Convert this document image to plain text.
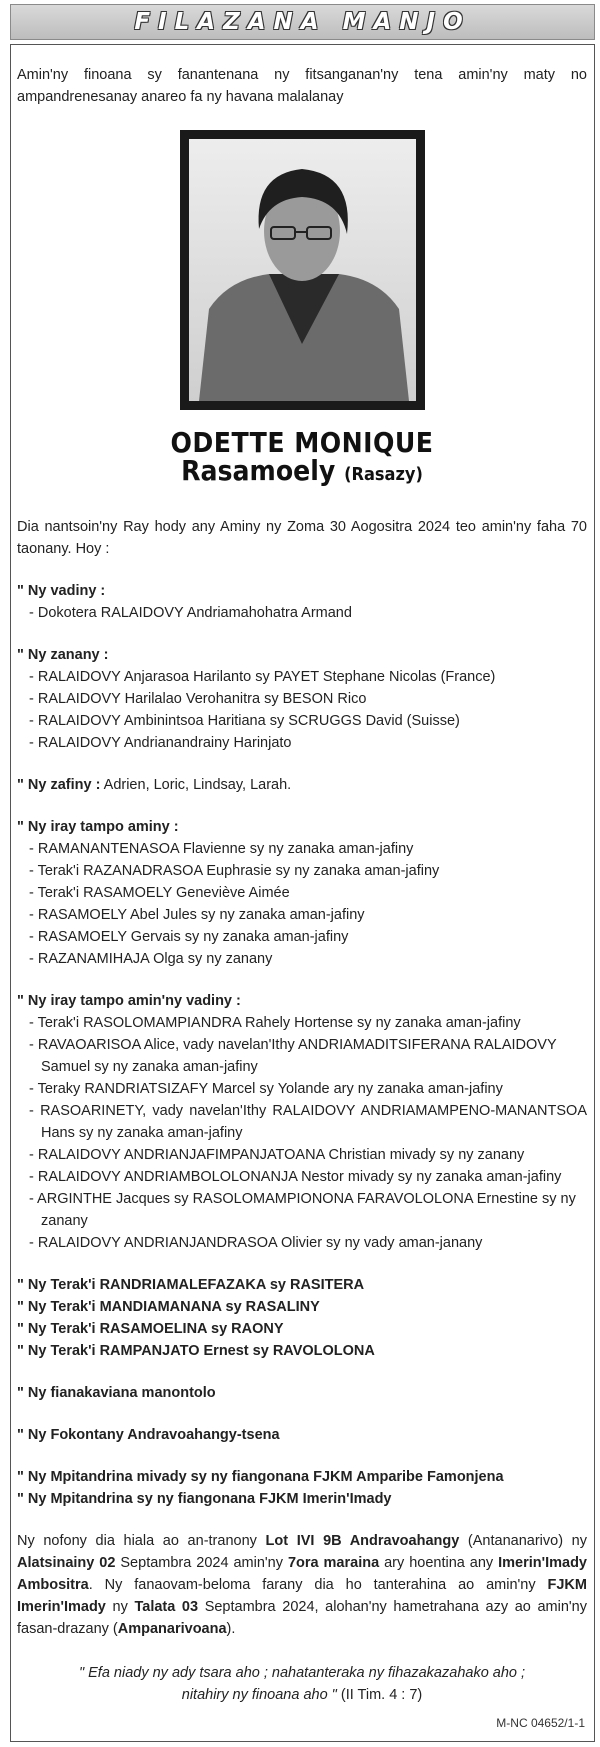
FILAZANA MANJO

Amin'ny finoana sy fanantenana ny fitsanganan'ny tena amin'ny maty no ampandrenesanay anareo fa ny havana malalanay

ODETTE MONIQUE
Rasamoely (Rasazy)

Dia nantsoin'ny Ray hody any Aminy ny Zoma 30 Aogositra 2024 teo amin'ny faha 70 taonany. Hoy :

" Ny vadiny :
- Dokotera RALAIDOVY Andriamahohatra Armand
" Ny zanany :
- RALAIDOVY Anjarasoa Harilanto sy PAYET Stephane Nicolas (France)
- RALAIDOVY Harilalao Verohanitra sy BESON Rico
- RALAIDOVY Ambinintsoa Haritiana sy SCRUGGS David (Suisse)
- RALAIDOVY Andrianandrainy Harinjato
" Ny zafiny : Adrien, Loric, Lindsay, Larah.
" Ny iray tampo aminy :
- RAMANANTENASOA Flavienne sy ny zanaka aman-jafiny
- Terak'i RAZANADRASOA Euphrasie sy ny zanaka aman-jafiny
- Terak'i RASAMOELY Geneviève Aimée
- RASAMOELY Abel Jules sy ny zanaka aman-jafiny
- RASAMOELY Gervais sy ny zanaka aman-jafiny
- RAZANAMIHAJA Olga sy ny zanany
" Ny iray tampo amin'ny vadiny :
- Terak'i RASOLOMAMPIANDRA Rahely Hortense sy ny zanaka aman-jafiny
- RAVAOARISOA Alice, vady navelan'Ithy ANDRIAMADITSIFERANA RALAIDOVY Samuel sy ny zanaka aman-jafiny
- Teraky RANDRIATSIZAFY Marcel sy Yolande ary ny zanaka aman-jafiny
- RASOARINETY, vady navelan'Ithy RALAIDOVY ANDRIAMAMPENO-MANANTSOA Hans sy ny zanaka aman-jafiny
- RALAIDOVY ANDRIANJAFIMPANJATOANA Christian mivady sy ny zanany
- RALAIDOVY ANDRIAMBOLOLONANJA Nestor mivady sy ny zanaka aman-jafiny
- ARGINTHE Jacques sy RASOLOMAMPIONONA FARAVOLOLONA Ernestine sy ny zanany
- RALAIDOVY ANDRIANJANDRASOA Olivier sy ny vady aman-janany
" Ny Terak'i RANDRIAMALEFAZAKA sy RASITERA
" Ny Terak'i MANDIAMANANA sy RASALINY
" Ny Terak'i RASAMOELINA sy RAONY
" Ny Terak'i RAMPANJATO Ernest sy RAVOLOLONA
" Ny fianakaviana manontolo
" Ny Fokontany Andravoahangy-tsena
" Ny Mpitandrina mivady sy ny fiangonana FJKM Amparibe Famonjena
" Ny Mpitandrina sy ny fiangonana FJKM Imerin'Imady

Ny nofony dia hiala ao an-tranony Lot IVI 9B Andravoahangy (Antananarivo) ny Alatsinainy 02 Septambra 2024 amin'ny 7ora maraina ary hoentina any Imerin'Imady Ambositra. Ny fanaovam-beloma farany dia ho tanterahina ao amin'ny FJKM Imerin'Imady ny Talata 03 Septambra 2024, alohan'ny hametrahana azy ao amin'ny fasan-drazany (Ampanarivoana).

" Efa niady ny ady tsara aho ; nahatanteraka ny fihazakazahako aho ;
nitahiry ny finoana aho " (II Tim. 4 : 7)
M-NC 04652/1-1
